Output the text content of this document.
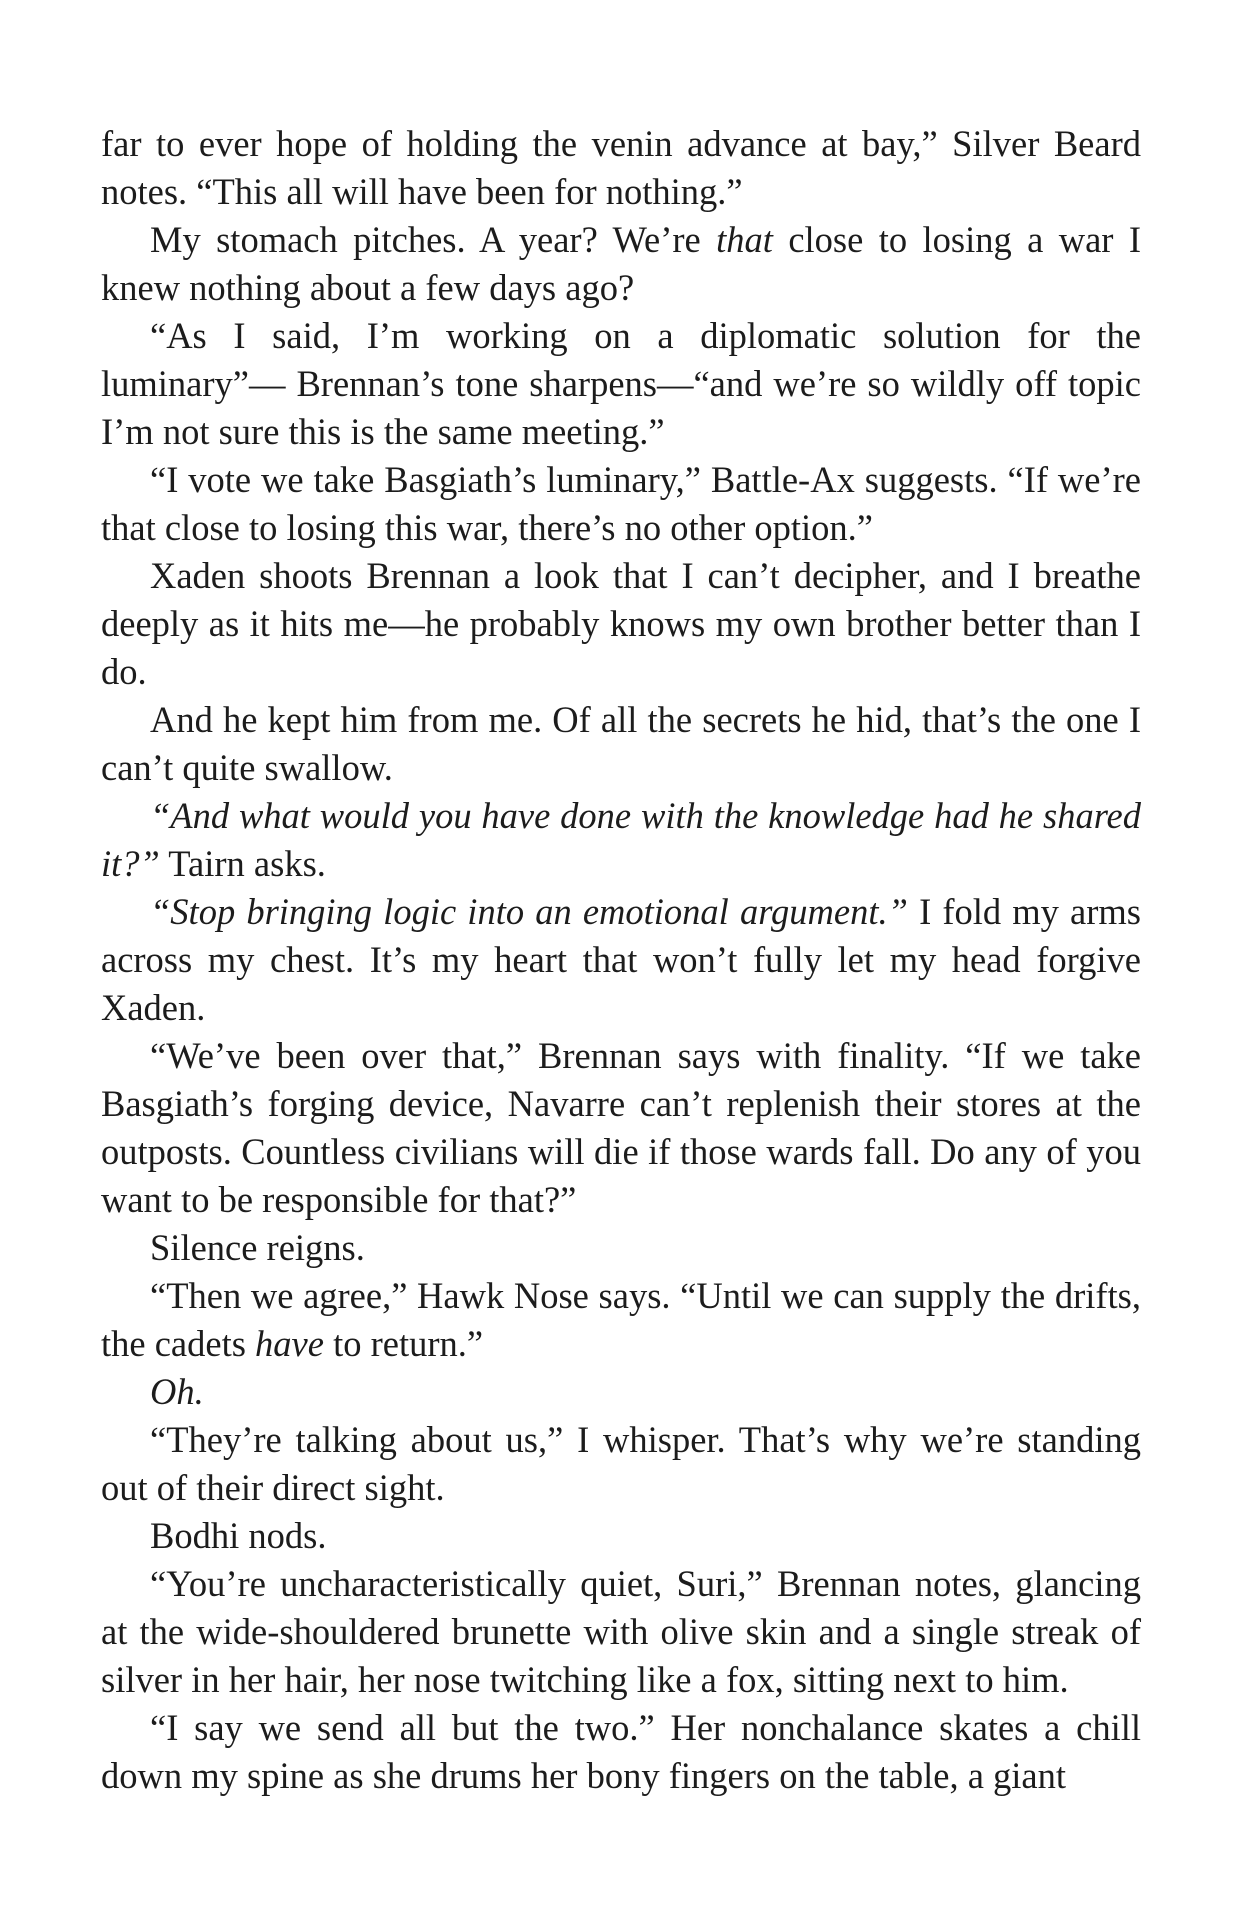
far to ever hope of holding the venin advance at bay,” Silver Beard notes. “This all will have been for nothing.”

My stomach pitches. A year? We’re that close to losing a war I knew nothing about a few days ago?

“As I said, I’m working on a diplomatic solution for the luminary”— Brennan’s tone sharpens—“and we’re so wildly off topic I’m not sure this is the same meeting.”

“I vote we take Basgiath’s luminary,” Battle-Ax suggests. “If we’re that close to losing this war, there’s no other option.”

Xaden shoots Brennan a look that I can’t decipher, and I breathe deeply as it hits me—he probably knows my own brother better than I do.

And he kept him from me. Of all the secrets he hid, that’s the one I can’t quite swallow.

“And what would you have done with the knowledge had he shared it?” Tairn asks.

“Stop bringing logic into an emotional argument.” I fold my arms across my chest. It’s my heart that won’t fully let my head forgive Xaden.

“We’ve been over that,” Brennan says with finality. “If we take Basgiath’s forging device, Navarre can’t replenish their stores at the outposts. Countless civilians will die if those wards fall. Do any of you want to be responsible for that?”

Silence reigns.

“Then we agree,” Hawk Nose says. “Until we can supply the drifts, the cadets have to return.”

Oh.

“They’re talking about us,” I whisper. That’s why we’re standing out of their direct sight.

Bodhi nods.

“You’re uncharacteristically quiet, Suri,” Brennan notes, glancing at the wide-shouldered brunette with olive skin and a single streak of silver in her hair, her nose twitching like a fox, sitting next to him.

“I say we send all but the two.” Her nonchalance skates a chill down my spine as she drums her bony fingers on the table, a giant
